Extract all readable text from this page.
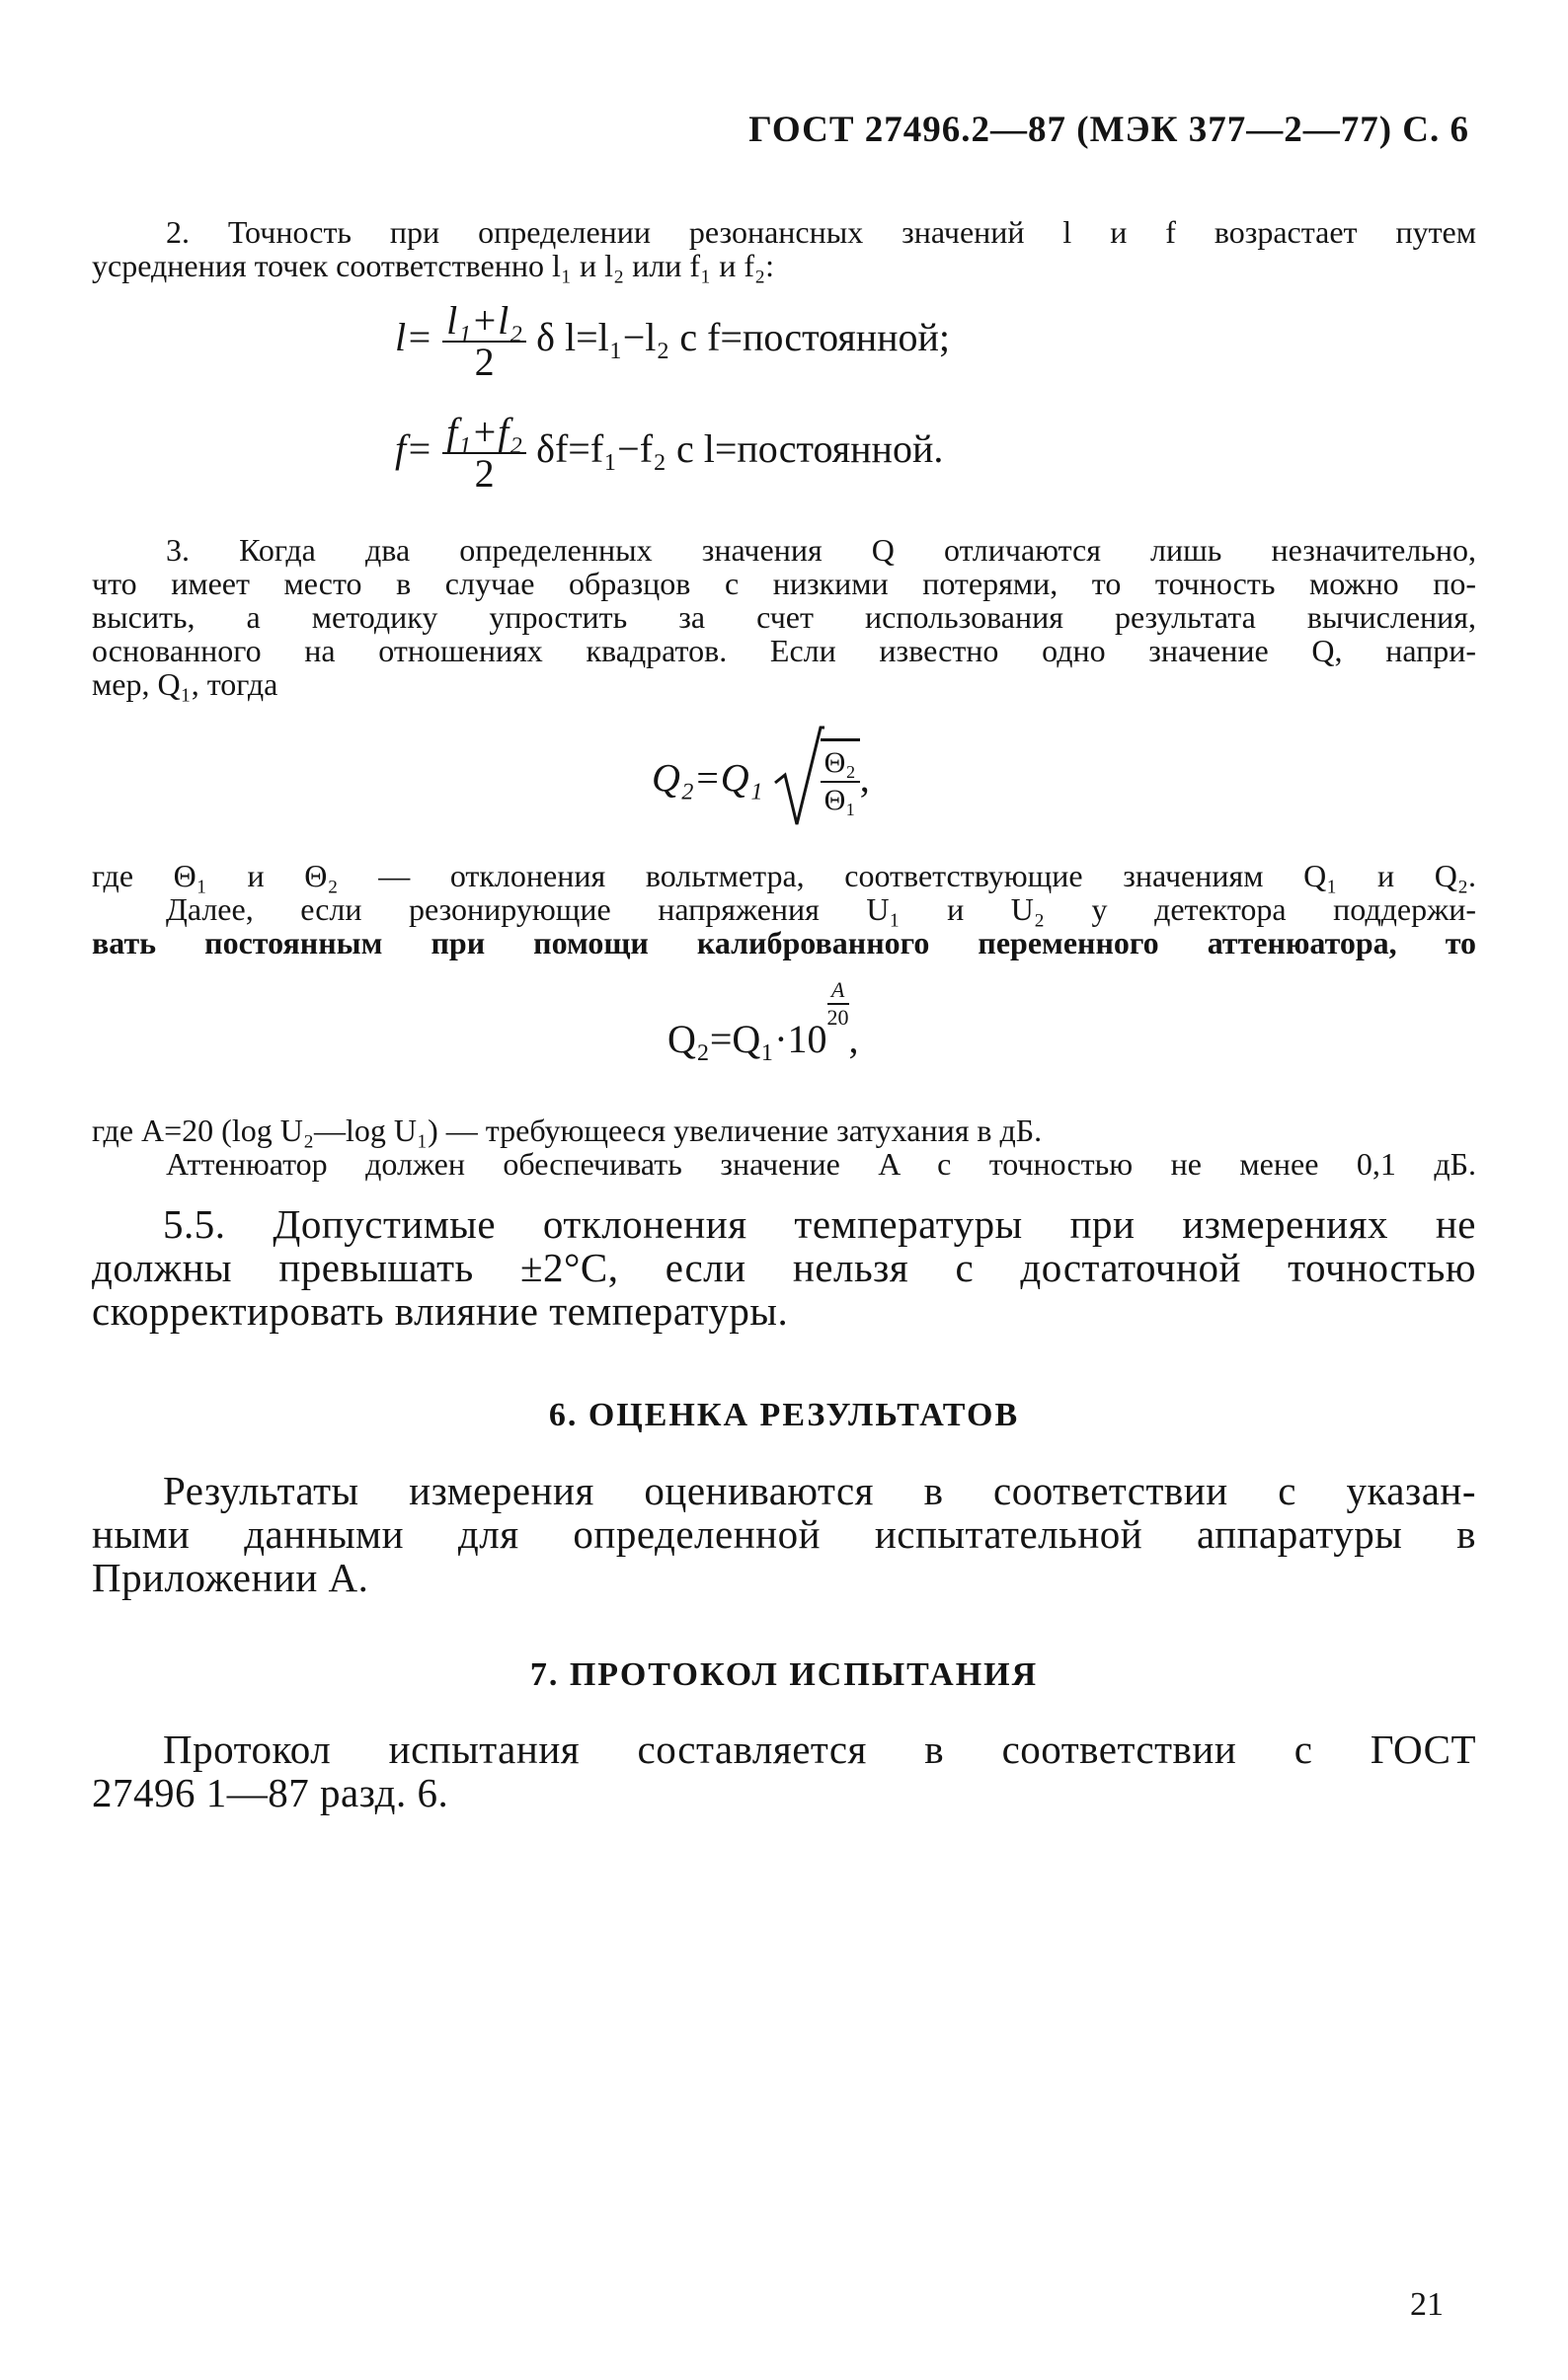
ГОСТ 27496.2—87 (МЭК 377—2—77) С. 6
2. Точность при определении резонансных значений l и f возрастает путем
усреднения точек соответственно l₁ и l₂ или f₁ и f₂:
$l= \frac{\text{l₁+l₂}}{2}$ δ l=l₁−l₂ с f=постоянной;
$f= \frac{\text{f₁+f₂}}{2} \delta f=f_1-f_2$ с l=постоянной.
3. Когда два определенных значения Q отличаются лишь незначительно,
что имеет место в случае образцов с низкими потерями, то точность можно по-
высить, а методику упростить за счет использования результата вычисления,
основанного на отношениях квадратов. Если известно одно значение Q, напри-
мер, Q₁, тогда
$Q_2=Q_1 \frac{\text{Θ₂}}{\text{Θ₁}}$ ,
где Θ₁ и Θ₂ — отклонения вольтметра, соответствующие значениям Q₁ и Q₂.
Далее, если резонирующие напряжения U₁ и U₂ у детектора поддержи-
вать постоянным при помощи калиброванного переменного аттенюатора, то
Q₂=Q₁·10
$\frac{A}{20}$
,
где A=20 (log U₂—log U₁) — требующееся увеличение затухания в дБ.
Аттенюатор должен обеспечивать значение A с точностью не менее 0,1 дБ.
5.5. Допустимые отклонения температуры при измерениях не
должны превышать ±2°С, если нельзя с достаточной точностью
скорректировать влияние температуры.
6. ОЦЕНКА РЕЗУЛЬТАТОВ
Результаты измерения оцениваются в соответствии с указан-
ными данными для определенной испытательной аппаратуры в
Приложении А.
7. ПРОТОКОЛ ИСПЫТАНИЯ
Протокол испытания составляется в соответствии с ГОСТ
27496 1—87 разд. 6.
21
